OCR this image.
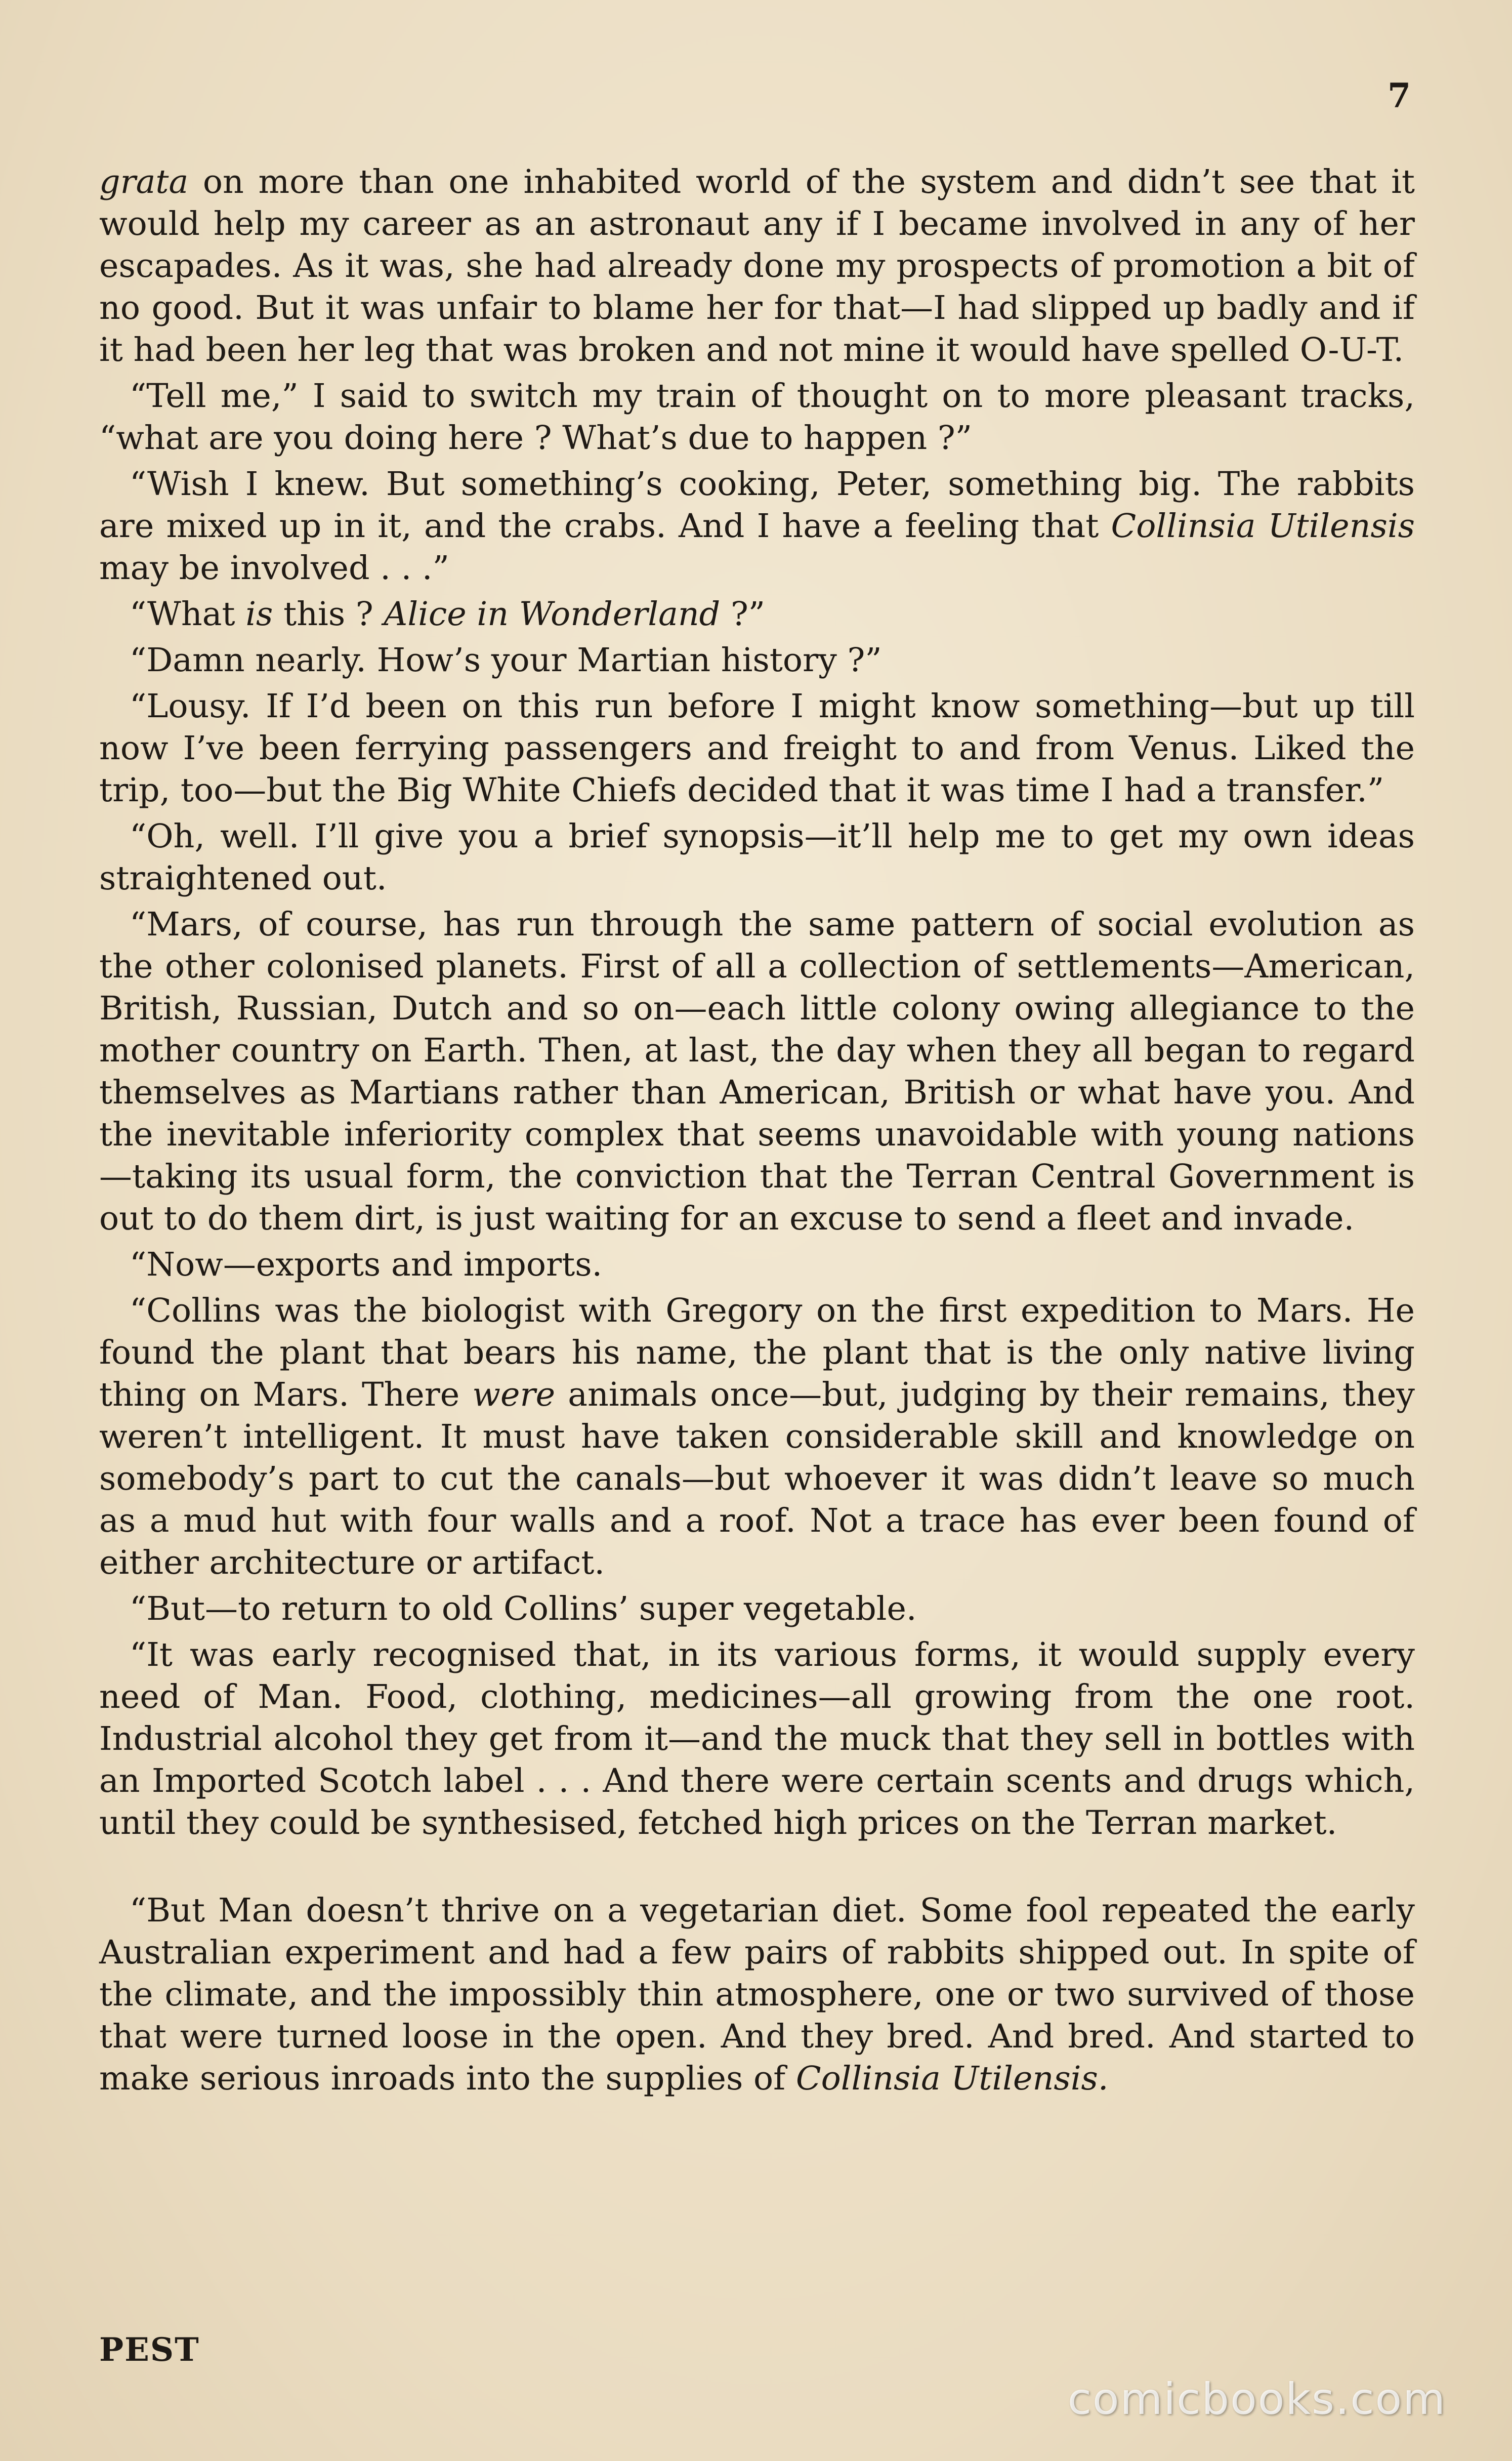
7

grata on more than one inhabited world of the system and didn’t see that it would help my career as an astronaut any if I became involved in any of her escapades. As it was, she had already done my prospects of promotion a bit of no good. But it was unfair to blame her for that—I had slipped up badly and if it had been her leg that was broken and not mine it would have spelled O-U-T.

“Tell me,” I said to switch my train of thought on to more pleasant tracks, “what are you doing here ? What’s due to happen ?”

“Wish I knew. But something’s cooking, Peter, something big. The rabbits are mixed up in it, and the crabs. And I have a feeling that Collinsia Utilensis may be involved . . .”

“What is this ? Alice in Wonderland ?”

“Damn nearly. How’s your Martian history ?”

“Lousy. If I’d been on this run before I might know something—but up till now I’ve been ferrying passengers and freight to and from Venus. Liked the trip, too—but the Big White Chiefs decided that it was time I had a transfer.”

“Oh, well. I’ll give you a brief synopsis—it’ll help me to get my own ideas straightened out.

“Mars, of course, has run through the same pattern of social evolution as the other colonised planets. First of all a collection of settlements—American, British, Russian, Dutch and so on—each little colony owing allegiance to the mother country on Earth. Then, at last, the day when they all began to regard themselves as Martians rather than American, British or what have you. And the inevitable inferiority complex that seems unavoidable with young nations—taking its usual form, the conviction that the Terran Central Government is out to do them dirt, is just waiting for an excuse to send a fleet and invade.

“Now—exports and imports.

“Collins was the biologist with Gregory on the first expedition to Mars. He found the plant that bears his name, the plant that is the only native living thing on Mars. There were animals once—but, judging by their remains, they weren’t intelligent. It must have taken considerable skill and knowledge on somebody’s part to cut the canals—but whoever it was didn’t leave so much as a mud hut with four walls and a roof. Not a trace has ever been found of either architecture or artifact.

“But—to return to old Collins’ super vegetable.

“It was early recognised that, in its various forms, it would supply every need of Man. Food, clothing, medicines—all growing from the one root. Industrial alcohol they get from it—and the muck that they sell in bottles with an Imported Scotch label . . . And there were certain scents and drugs which, until they could be synthesised, fetched high prices on the Terran market.

“But Man doesn’t thrive on a vegetarian diet. Some fool repeated the early Australian experiment and had a few pairs of rabbits shipped out. In spite of the climate, and the impossibly thin atmosphere, one or two survived of those that were turned loose in the open. And they bred. And bred. And started to make serious inroads into the supplies of Collinsia Utilensis.

PEST
comicbooks.com
